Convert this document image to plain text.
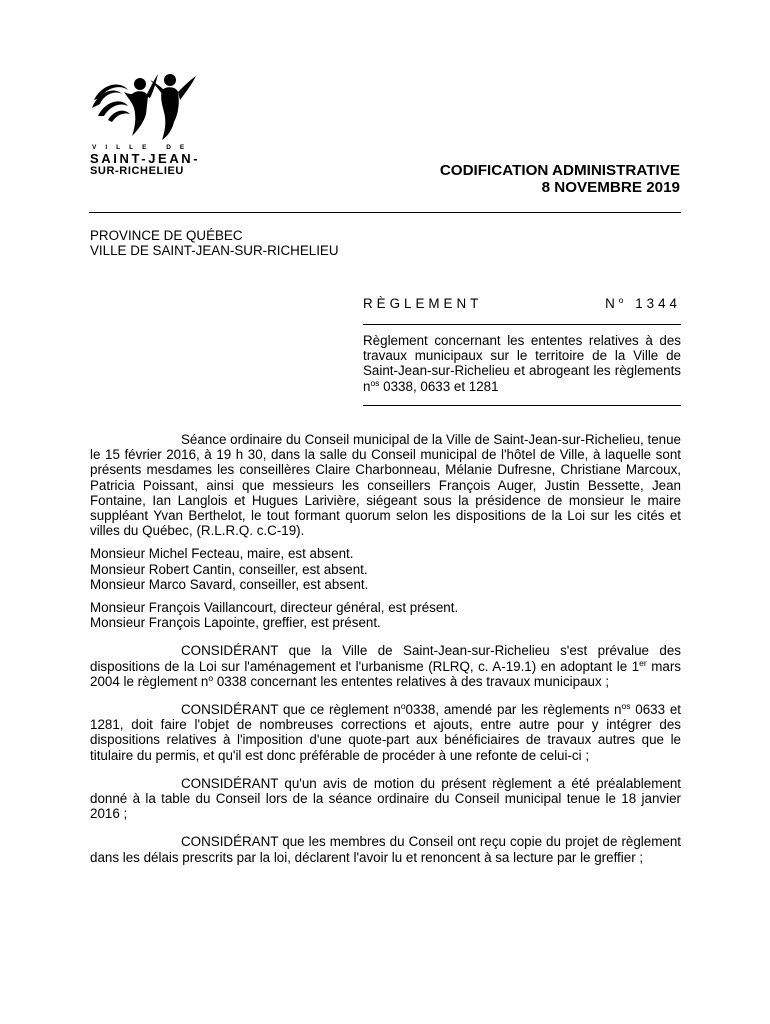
VILLE DE
SAINT-JEAN-
SUR-RICHELIEU	CODIFICATION ADMINISTRATIVE
8 NOVEMBRE 2019
PROVINCE DE QUÉBEC
VILLE DE SAINT-JEAN-SUR-RICHELIEU
RÈGLEMENT	$N^o$ 1344
Règlement concernant les ententes relatives à des travaux municipaux sur le territoire de la Ville de Saint-Jean-sur-Richelieu et abrogeant les règlements $n^{os}$ 0338, 0633 et 1281

Séance ordinaire du Conseil municipal de la Ville de Saint-Jean-sur-Richelieu, tenue le 15 février 2016, à 19 h 30, dans la salle du Conseil municipal de l'hôtel de Ville, à laquelle sont présents mesdames les conseillères Claire Charbonneau, Mélanie Dufresne, Christiane Marcoux, Patricia Poissant, ainsi que messieurs les conseillers François Auger, Justin Bessette, Jean Fontaine, Ian Langlois et Hugues Larivière, siégeant sous la présidence de monsieur le maire suppléant Yvan Berthelot, le tout formant quorum selon les dispositions de la Loi sur les cités et villes du Québec, (R.L.R.Q. c.C-19).

Monsieur Michel Fecteau, maire, est absent.

Monsieur Robert Cantin, conseiller, est absent.

Monsieur Marco Savard, conseiller, est absent.

Monsieur François Vaillancourt, directeur général, est présent.

Monsieur François Lapointe, greffier, est présent.

CONSIDÉRANT que la Ville de Saint-Jean-sur-Richelieu s'est prévalue des dispositions de la Loi sur l'aménagement et l'urbanisme (RLRQ, c. A-19.1) en adoptant le 1er mars 2004 le règlement $n^o$ 0338 concernant les ententes relatives à des travaux municipaux ;

CONSIDÉRANT que ce règlement $n^o0338$, amendé par les règlements $n^{os}$ 0633 et 1281, doit faire l'objet de nombreuses corrections et ajouts, entre autre pour y intégrer des dispositions relatives à l'imposition d'une quote-part aux bénéficiaires de travaux autres que le titulaire du permis, et qu'il est donc préférable de procéder à une refonte de celui-ci ;

CONSIDÉRANT qu'un avis de motion du présent règlement a été préalablement donné à la table du Conseil lors de la séance ordinaire du Conseil municipal tenue le 18 janvier 2016 ;

CONSIDÉRANT que les membres du Conseil ont reçu copie du projet de règlement dans les délais prescrits par la loi, déclarent l'avoir lu et renoncent à sa lecture par le greffier ;
